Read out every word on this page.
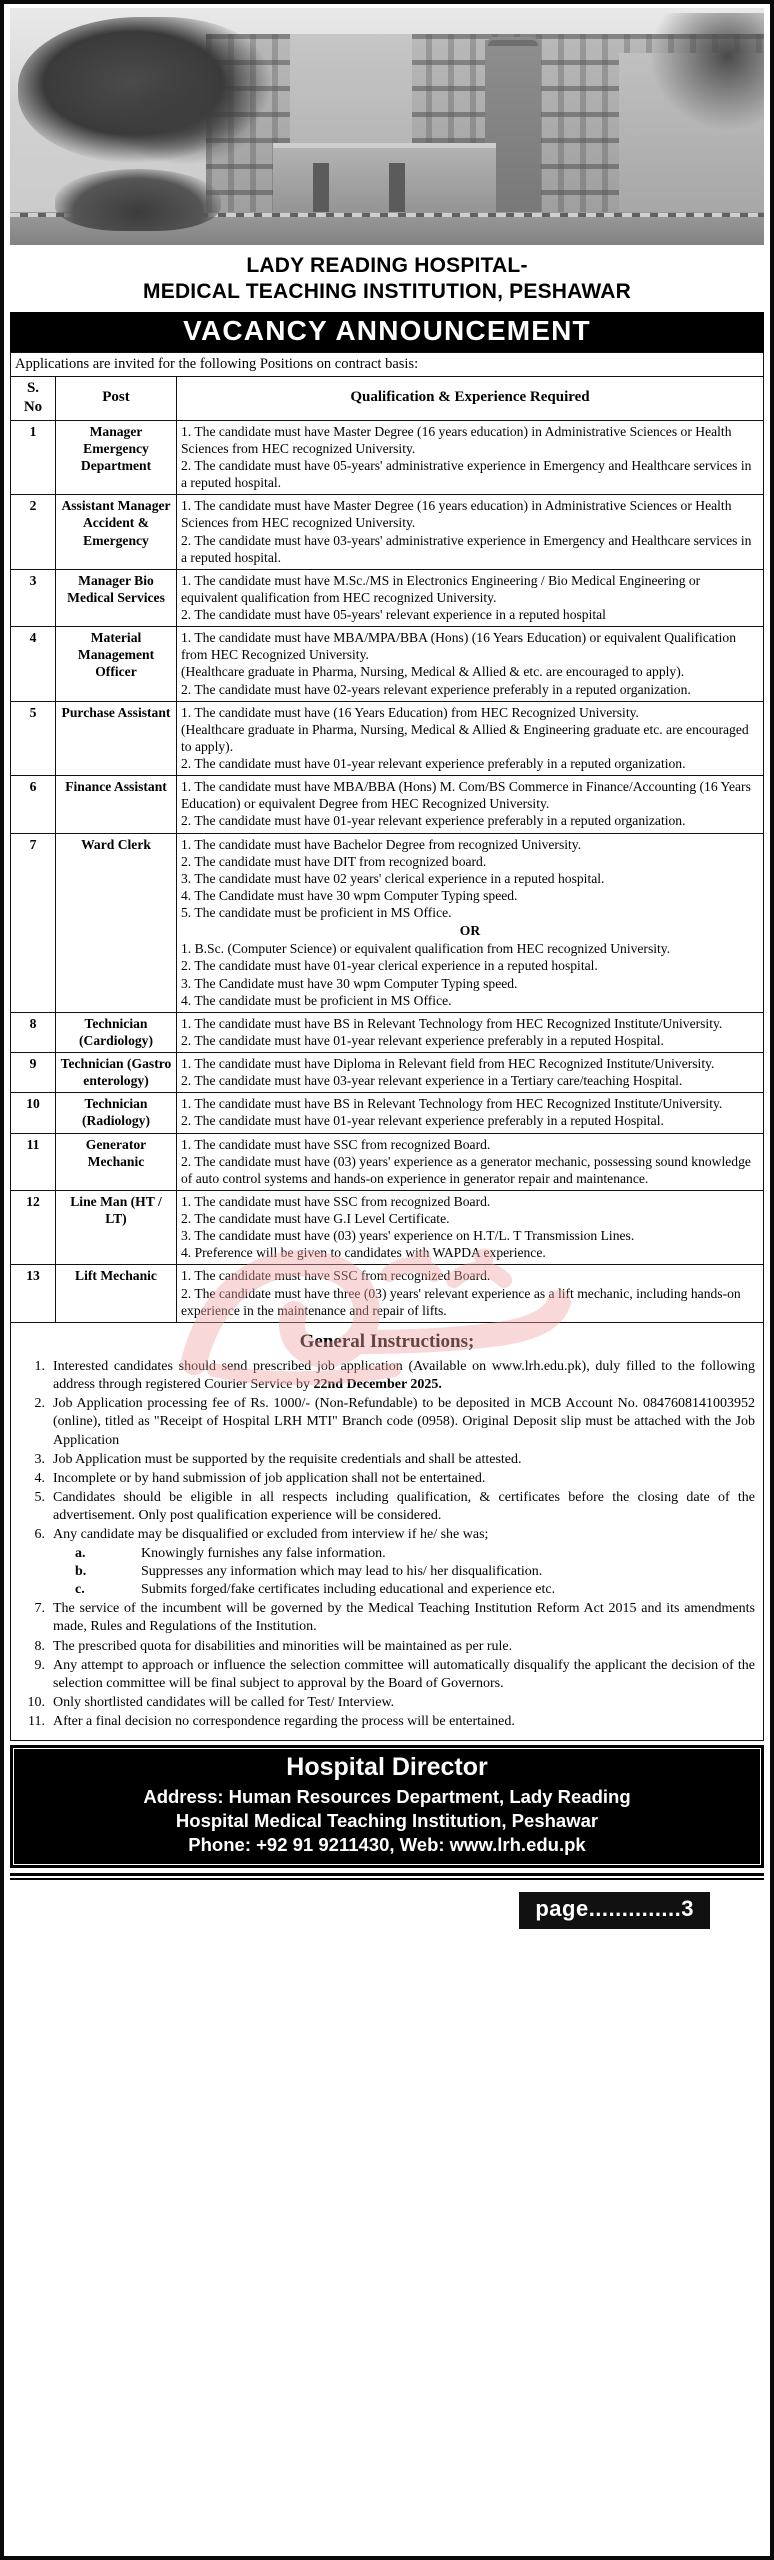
LADY READING HOSPITAL-
MEDICAL TEACHING INSTITUTION, PESHAWAR
VACANCY ANNOUNCEMENT
Applications are invited for the following Positions on contract basis:
S.
No	Post	Qualification & Experience Required
1	Manager Emergency Department	1. The candidate must have Master Degree (16 years education) in Administrative Sciences or Health Sciences from HEC recognized University.
2. The candidate must have 05-years' administrative experience in Emergency and Healthcare services in a reputed hospital.

2	Assistant Manager Accident & Emergency	1. The candidate must have Master Degree (16 years education) in Administrative Sciences or Health Sciences from HEC recognized University.
2. The candidate must have 03-years' administrative experience in Emergency and Healthcare services in a reputed hospital.

3	Manager Bio Medical Services	1. The candidate must have M.Sc./MS in Electronics Engineering / Bio Medical Engineering or equivalent qualification from HEC recognized University.
2. The candidate must have 05-years' relevant experience in a reputed hospital

4	Material Management Officer	1. The candidate must have MBA/MPA/BBA (Hons) (16 Years Education) or equivalent Qualification from HEC Recognized University.
(Healthcare graduate in Pharma, Nursing, Medical & Allied & etc. are encouraged to apply).
2. The candidate must have 02-years relevant experience preferably in a reputed organization.

5	Purchase Assistant	1. The candidate must have (16 Years Education) from HEC Recognized University.
(Healthcare graduate in Pharma, Nursing, Medical & Allied & Engineering graduate etc. are encouraged to apply).
2. The candidate must have 01-year relevant experience preferably in a reputed organization.

6	Finance Assistant	1. The candidate must have MBA/BBA (Hons) M. Com/BS Commerce in Finance/Accounting (16 Years Education) or equivalent Degree from HEC Recognized University.
2. The candidate must have 01-year relevant experience preferably in a reputed organization.

7	Ward Clerk	1. The candidate must have Bachelor Degree from recognized University.
2. The candidate must have DIT from recognized board.
3. The candidate must have 02 years' clerical experience in a reputed hospital.
4. The Candidate must have 30 wpm Computer Typing speed.
5. The candidate must be proficient in MS Office.
OR
1. B.Sc. (Computer Science) or equivalent qualification from HEC recognized University.
2. The candidate must have 01-year clerical experience in a reputed hospital.
3. The Candidate must have 30 wpm Computer Typing speed.
4. The candidate must be proficient in MS Office.

8	Technician (Cardiology)	1. The candidate must have BS in Relevant Technology from HEC Recognized Institute/University.
2. The candidate must have 01-year relevant experience preferably in a reputed Hospital.

9	Technician (Gastro enterology)	1. The candidate must have Diploma in Relevant field from HEC Recognized Institute/University.
2. The candidate must have 03-year relevant experience in a Tertiary care/teaching Hospital.

10	Technician (Radiology)	1. The candidate must have BS in Relevant Technology from HEC Recognized Institute/University.
2. The candidate must have 01-year relevant experience preferably in a reputed Hospital.

11	Generator Mechanic	1. The candidate must have SSC from recognized Board.
2. The candidate must have (03) years' experience as a generator mechanic, possessing sound knowledge of auto control systems and hands-on experience in generator repair and maintenance.

12	Line Man (HT / LT)	1. The candidate must have SSC from recognized Board.
2. The candidate must have G.I Level Certificate.
3. The candidate must have (03) years' experience on H.T/L. T Transmission Lines.
4. Preference will be given to candidates with WAPDA experience.

13	Lift Mechanic	1. The candidate must have SSC from recognized Board.
2. The candidate must have three (03) years' relevant experience as a lift mechanic, including hands-on experience in the maintenance and repair of lifts.
General Instructions;
1. Interested candidates should send prescribed job application (Available on www.lrh.edu.pk), duly filled to the following address through registered Courier Service by 22nd December 2025.
2. Job Application processing fee of Rs. 1000/- (Non-Refundable) to be deposited in MCB Account No. 0847608141003952 (online), titled as "Receipt of Hospital LRH MTI" Branch code (0958). Original Deposit slip must be attached with the Job Application
3. Job Application must be supported by the requisite credentials and shall be attested.
4. Incomplete or by hand submission of job application shall not be entertained.
5. Candidates should be eligible in all respects including qualification, & certificates before the closing date of the advertisement. Only post qualification experience will be considered.
6. Any candidate may be disqualified or excluded from interview if he/ she was;
a.	Knowingly furnishes any false information.
b.	Suppresses any information which may lead to his/ her disqualification.
c.	Submits forged/fake certificates including educational and experience etc.
7. The service of the incumbent will be governed by the Medical Teaching Institution Reform Act 2015 and its amendments made, Rules and Regulations of the Institution.
8. The prescribed quota for disabilities and minorities will be maintained as per rule.
9. Any attempt to approach or influence the selection committee will automatically disqualify the applicant the decision of the selection committee will be final subject to approval by the Board of Governors.
10. Only shortlisted candidates will be called for Test/ Interview.
11. After a final decision no correspondence regarding the process will be entertained.
Hospital Director
Address: Human Resources Department, Lady Reading
Hospital Medical Teaching Institution, Peshawar
Phone: +92 91 9211430, Web: www.lrh.edu.pk
page..............3
